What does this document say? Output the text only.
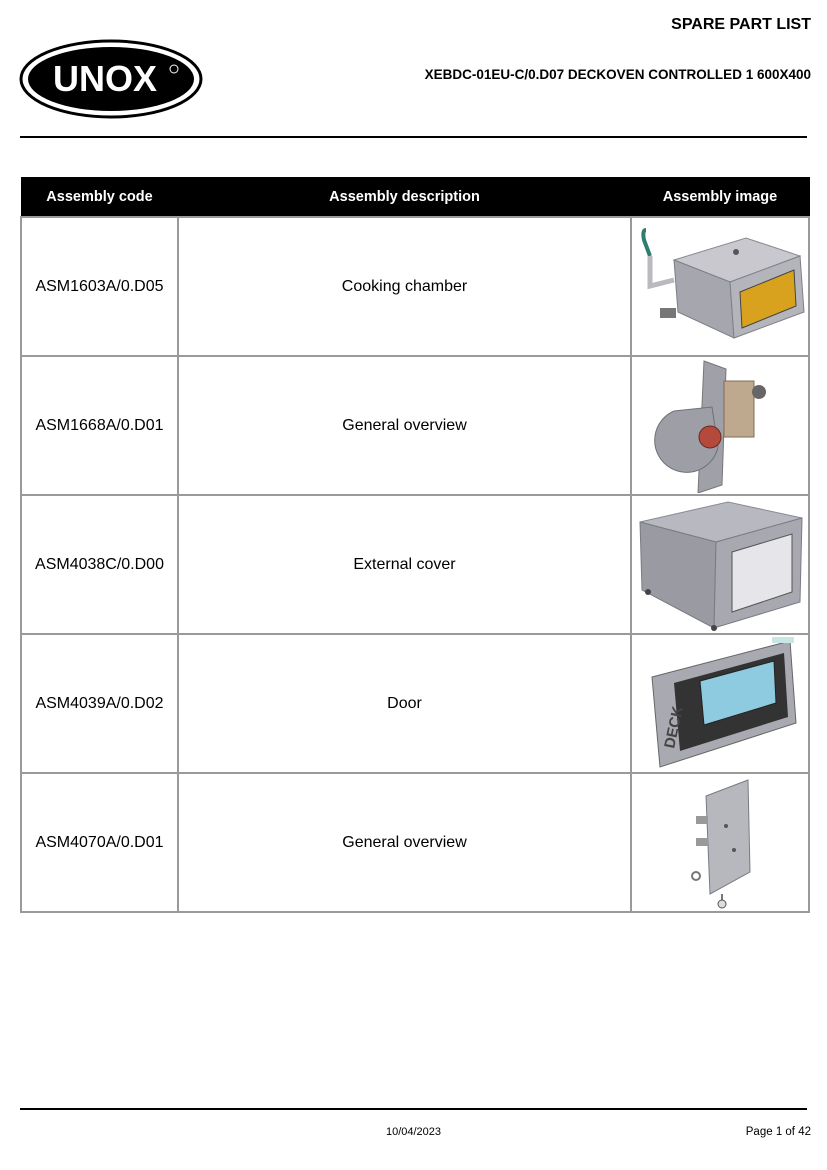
UNOX
SPARE PART LIST
XEBDC-01EU-C/0.D07 DECKOVEN CONTROLLED 1 600X400
Assembly code	Assembly description	Assembly image
ASM1603A/0.D05	Cooking chamber	

ASM1668A/0.D01	General overview	

ASM4038C/0.D00	External cover	

ASM4039A/0.D02	Door	DECK

ASM4070A/0.D01	General overview	
10/04/2023	Page 1 of 42
